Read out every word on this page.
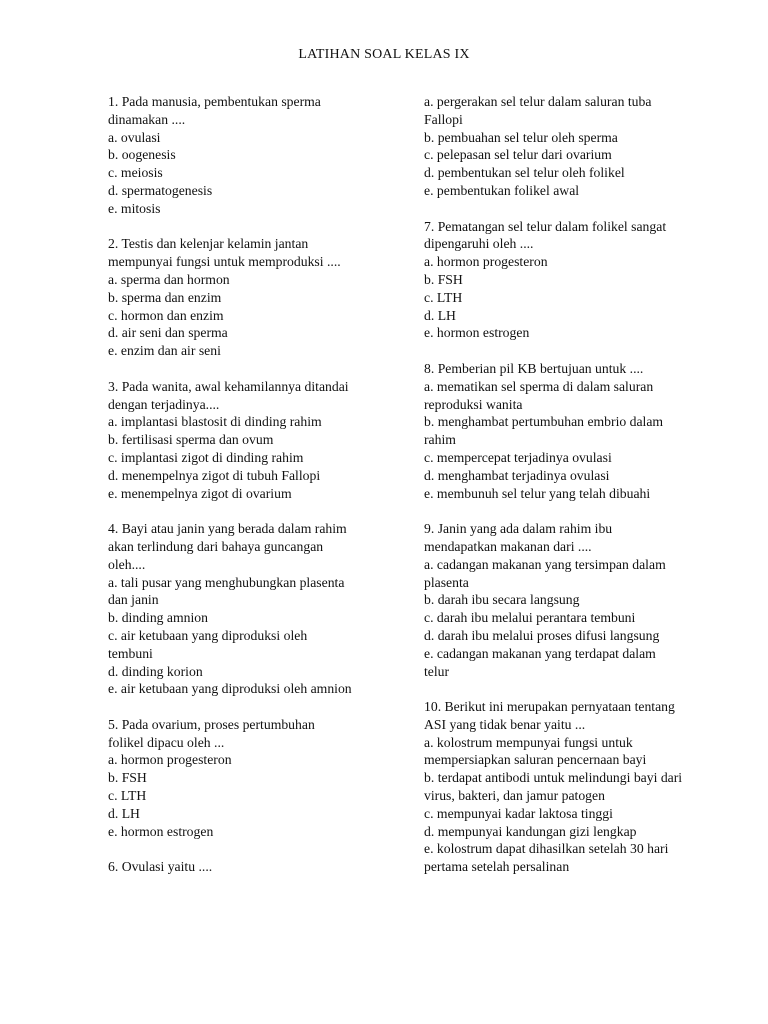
LATIHAN SOAL KELAS IX
1. Pada manusia, pembentukan sperma dinamakan ....
a. ovulasi
b. oogenesis
c. meiosis
d. spermatogenesis
e. mitosis
2. Testis dan kelenjar kelamin jantan mempunyai fungsi untuk memproduksi ....
a. sperma dan hormon
b. sperma dan enzim
c. hormon dan enzim
d. air seni dan sperma
e. enzim dan air seni
3. Pada wanita, awal kehamilannya ditandai dengan terjadinya....
a. implantasi blastosit di dinding rahim
b. fertilisasi sperma dan ovum
c. implantasi zigot di dinding rahim
d. menempelnya zigot di tubuh Fallopi
e. menempelnya zigot di ovarium
4. Bayi atau janin yang berada dalam rahim akan terlindung dari bahaya guncangan oleh....
a. tali pusar yang menghubungkan plasenta dan janin
b. dinding amnion
c. air ketubaan yang diproduksi oleh tembuni
d. dinding korion
e. air ketubaan yang diproduksi oleh amnion
5. Pada ovarium, proses pertumbuhan folikel dipacu oleh ...
a. hormon progesteron
b. FSH
c. LTH
d. LH
e. hormon estrogen
6. Ovulasi yaitu ....
a. pergerakan sel telur dalam saluran tuba Fallopi
b. pembuahan sel telur oleh sperma
c. pelepasan sel telur dari ovarium
d. pembentukan sel telur oleh folikel
e. pembentukan folikel awal
7. Pematangan sel telur dalam folikel sangat dipengaruhi oleh ....
a. hormon progesteron
b. FSH
c. LTH
d. LH
e. hormon estrogen
8. Pemberian pil KB bertujuan untuk ....
a. mematikan sel sperma di dalam saluran reproduksi wanita
b. menghambat pertumbuhan embrio dalam rahim
c. mempercepat terjadinya ovulasi
d. menghambat terjadinya ovulasi
e. membunuh sel telur yang telah dibuahi
9. Janin yang ada dalam rahim ibu mendapatkan makanan dari ....
a. cadangan makanan yang tersimpan dalam plasenta
b. darah ibu secara langsung
c. darah ibu melalui perantara tembuni
d. darah ibu melalui proses difusi langsung
e. cadangan makanan yang terdapat dalam telur
10. Berikut ini merupakan pernyataan tentang ASI yang tidak benar yaitu ...
a. kolostrum mempunyai fungsi untuk mempersiapkan saluran pencernaan bayi
b. terdapat antibodi untuk melindungi bayi dari virus, bakteri, dan jamur patogen
c. mempunyai kadar laktosa tinggi
d. mempunyai kandungan gizi lengkap
e. kolostrum dapat dihasilkan setelah 30 hari pertama setelah persalinan
